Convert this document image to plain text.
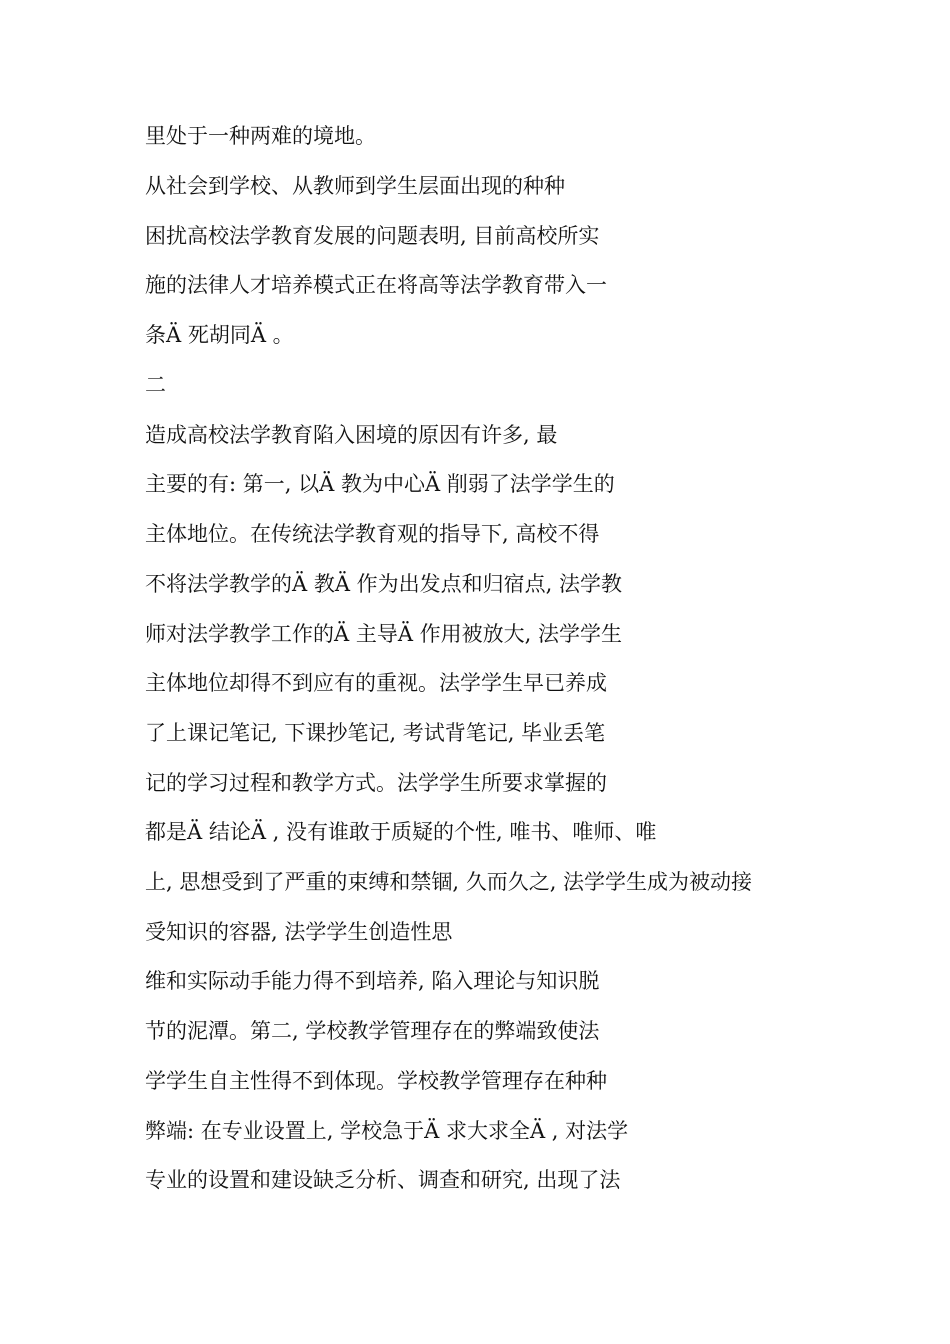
里处于一种两难的境地。

从社会到学校、从教师到学生层面出现的种种

困扰高校法学教育发展的问题表明, 目前高校所实

施的法律人才培养模式正在将高等法学教育带入一

条Ä 死胡同Ä 。

二

造成高校法学教育陷入困境的原因有许多, 最

主要的有: 第一, 以Ä 教为中心Ä 削弱了法学学生的

主体地位。在传统法学教育观的指导下, 高校不得

不将法学教学的Ä 教Ä 作为出发点和归宿点, 法学教

师对法学教学工作的Ä 主导Ä 作用被放大, 法学学生

主体地位却得不到应有的重视。法学学生早已养成

了上课记笔记, 下课抄笔记, 考试背笔记, 毕业丢笔

记的学习过程和教学方式。法学学生所要求掌握的

都是Ä 结论Ä , 没有谁敢于质疑的个性, 唯书、唯师、唯

上, 思想受到了严重的束缚和禁锢, 久而久之, 法学学生成为被动接

受知识的容器, 法学学生创造性思

维和实际动手能力得不到培养, 陷入理论与知识脱

节的泥潭。第二, 学校教学管理存在的弊端致使法

学学生自主性得不到体现。学校教学管理存在种种

弊端: 在专业设置上, 学校急于Ä 求大求全Ä , 对法学

专业的设置和建设缺乏分析、调查和研究, 出现了法
